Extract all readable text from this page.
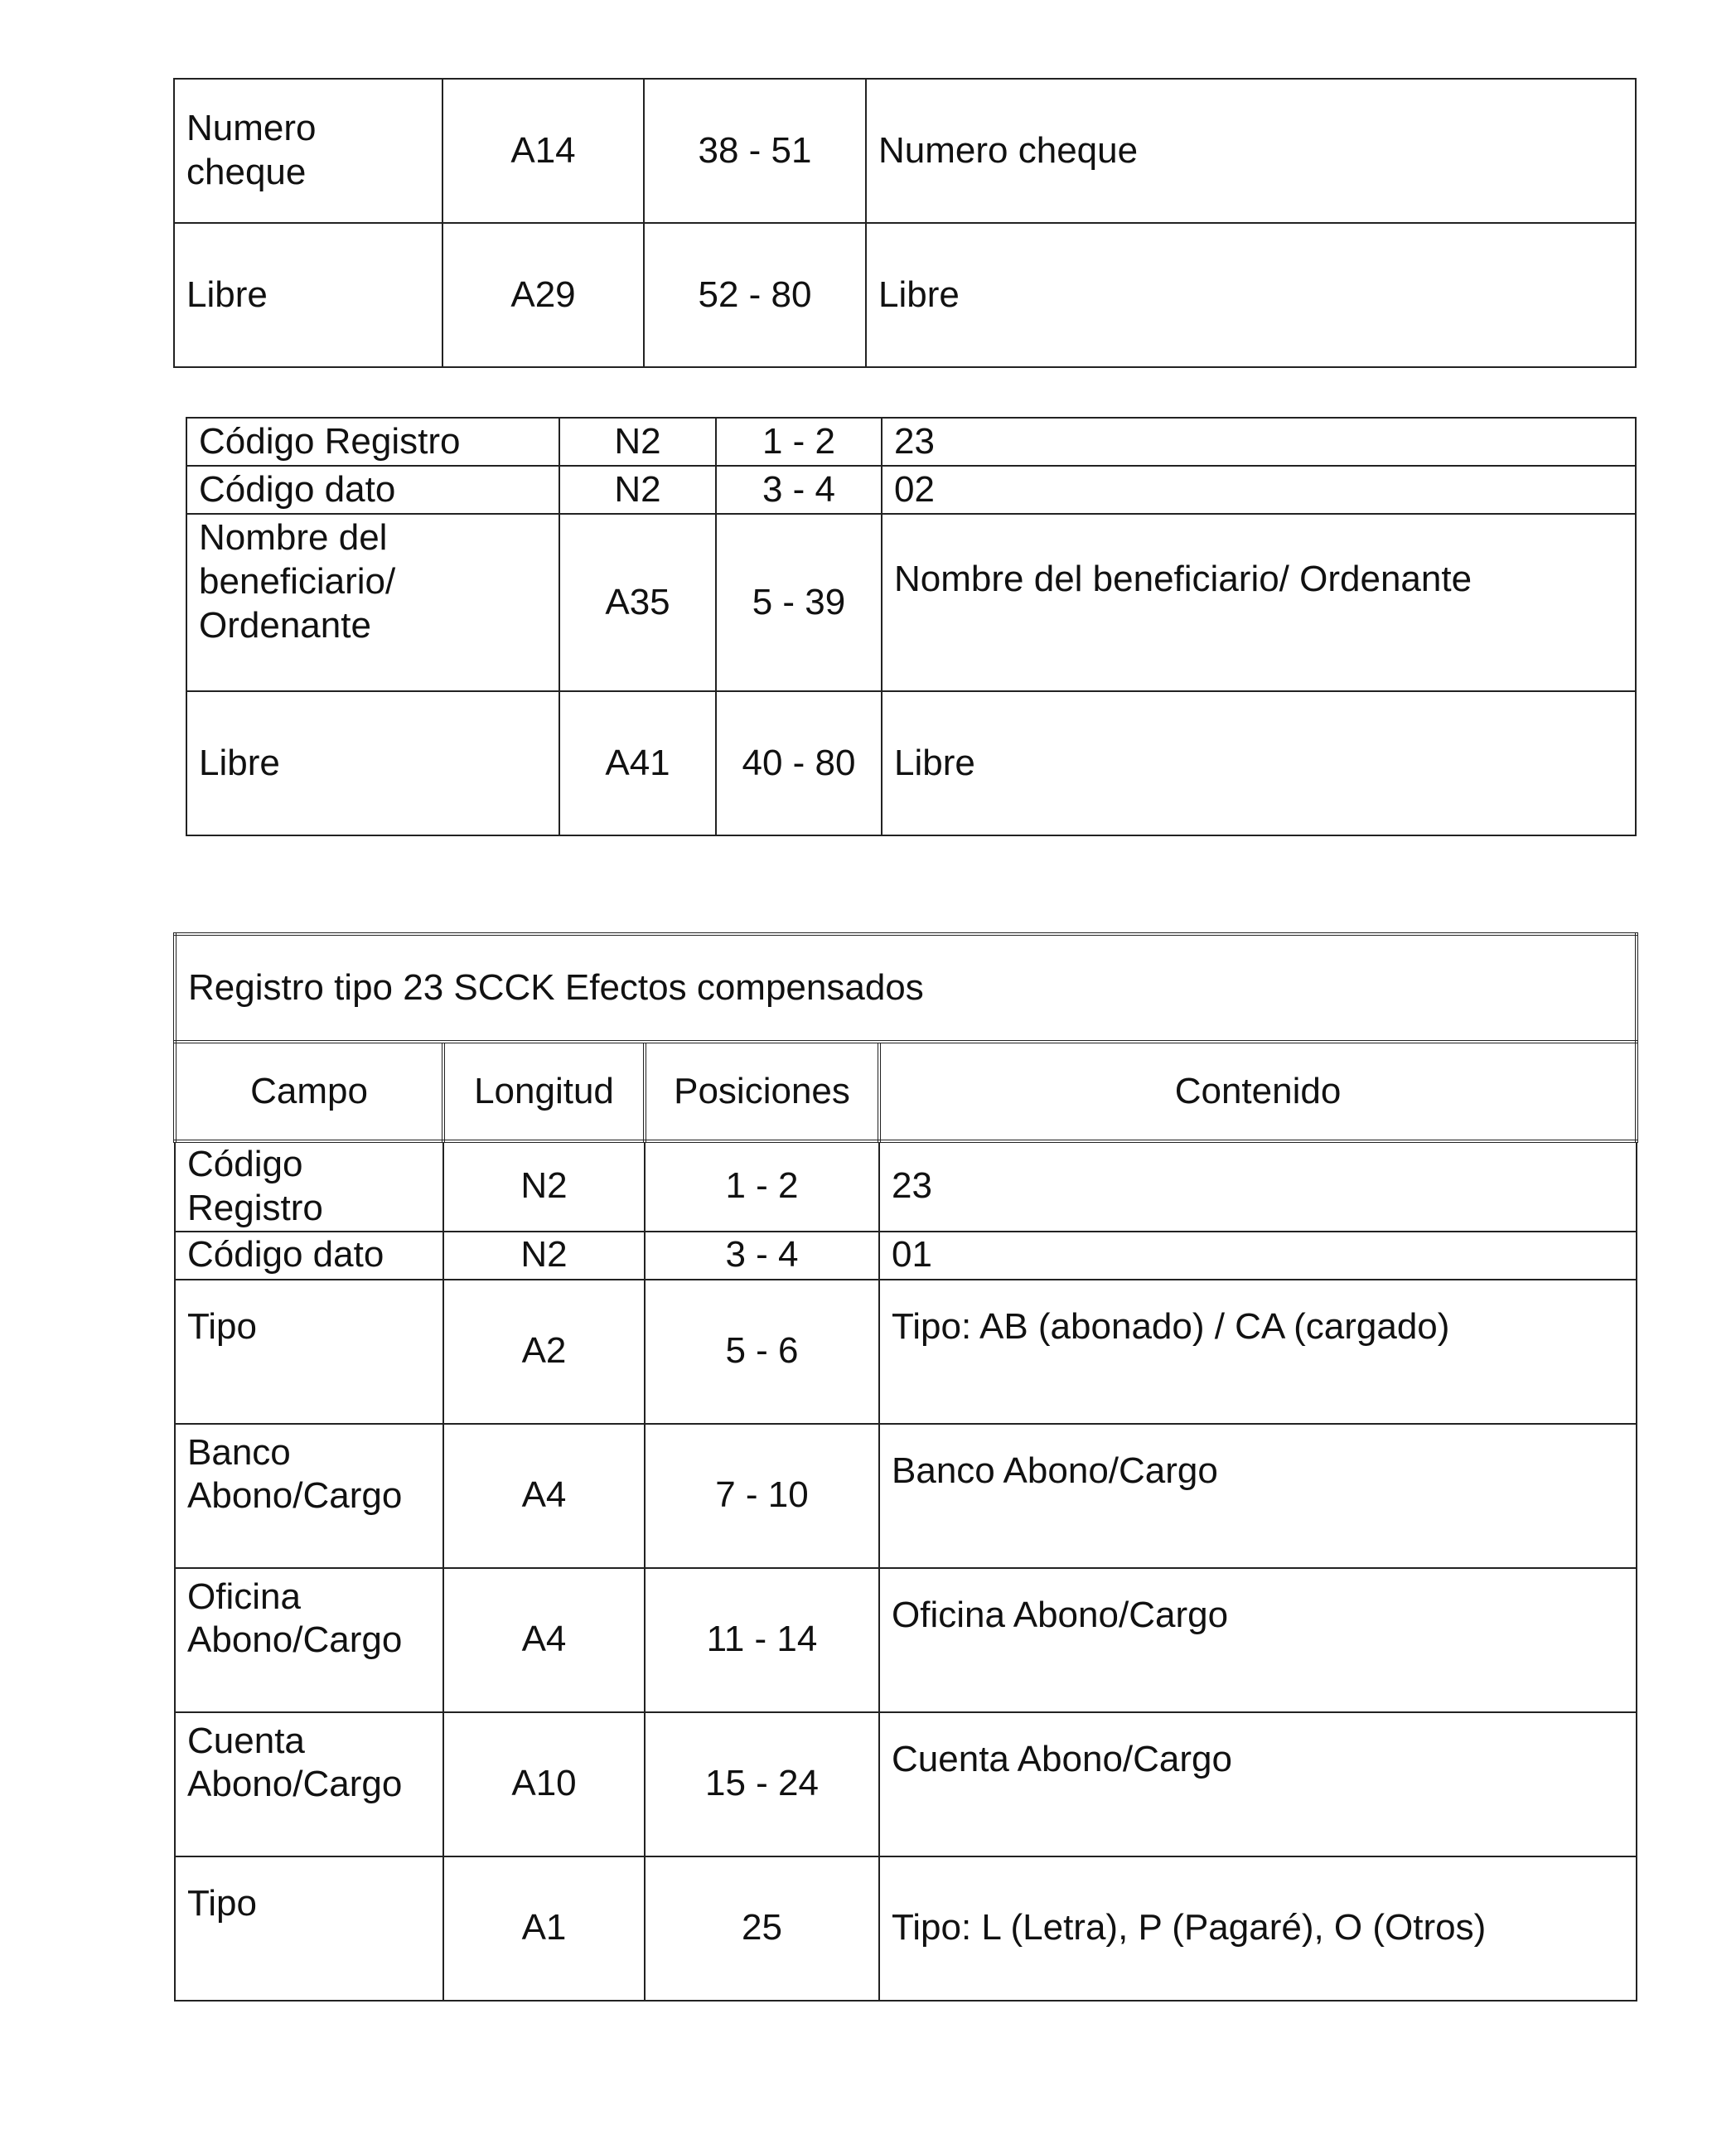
Numero cheque	A14	38 - 51	Numero cheque
Libre	A29	52 - 80	Libre
Código Registro	N2	1 - 2	23
Código dato	N2	3 - 4	02
Nombre del beneficiario/ Ordenante	A35	5 - 39	Nombre del beneficiario/ Ordenante
Libre	A41	40 - 80	Libre
Registro tipo 23 SCCK Efectos compensados			
Campo	Longitud	Posiciones	Contenido
Código Registro	N2	1 - 2	23
Código dato	N2	3 - 4	01
Tipo	A2	5 - 6	Tipo: AB (abonado) / CA (cargado)
Banco Abono/Cargo	A4	7 - 10	Banco Abono/Cargo
Oficina Abono/Cargo	A4	11 - 14	Oficina Abono/Cargo
Cuenta Abono/Cargo	A10	15 - 24	Cuenta Abono/Cargo
Tipo	A1	25	Tipo: L (Letra), P (Pagaré), O (Otros)
